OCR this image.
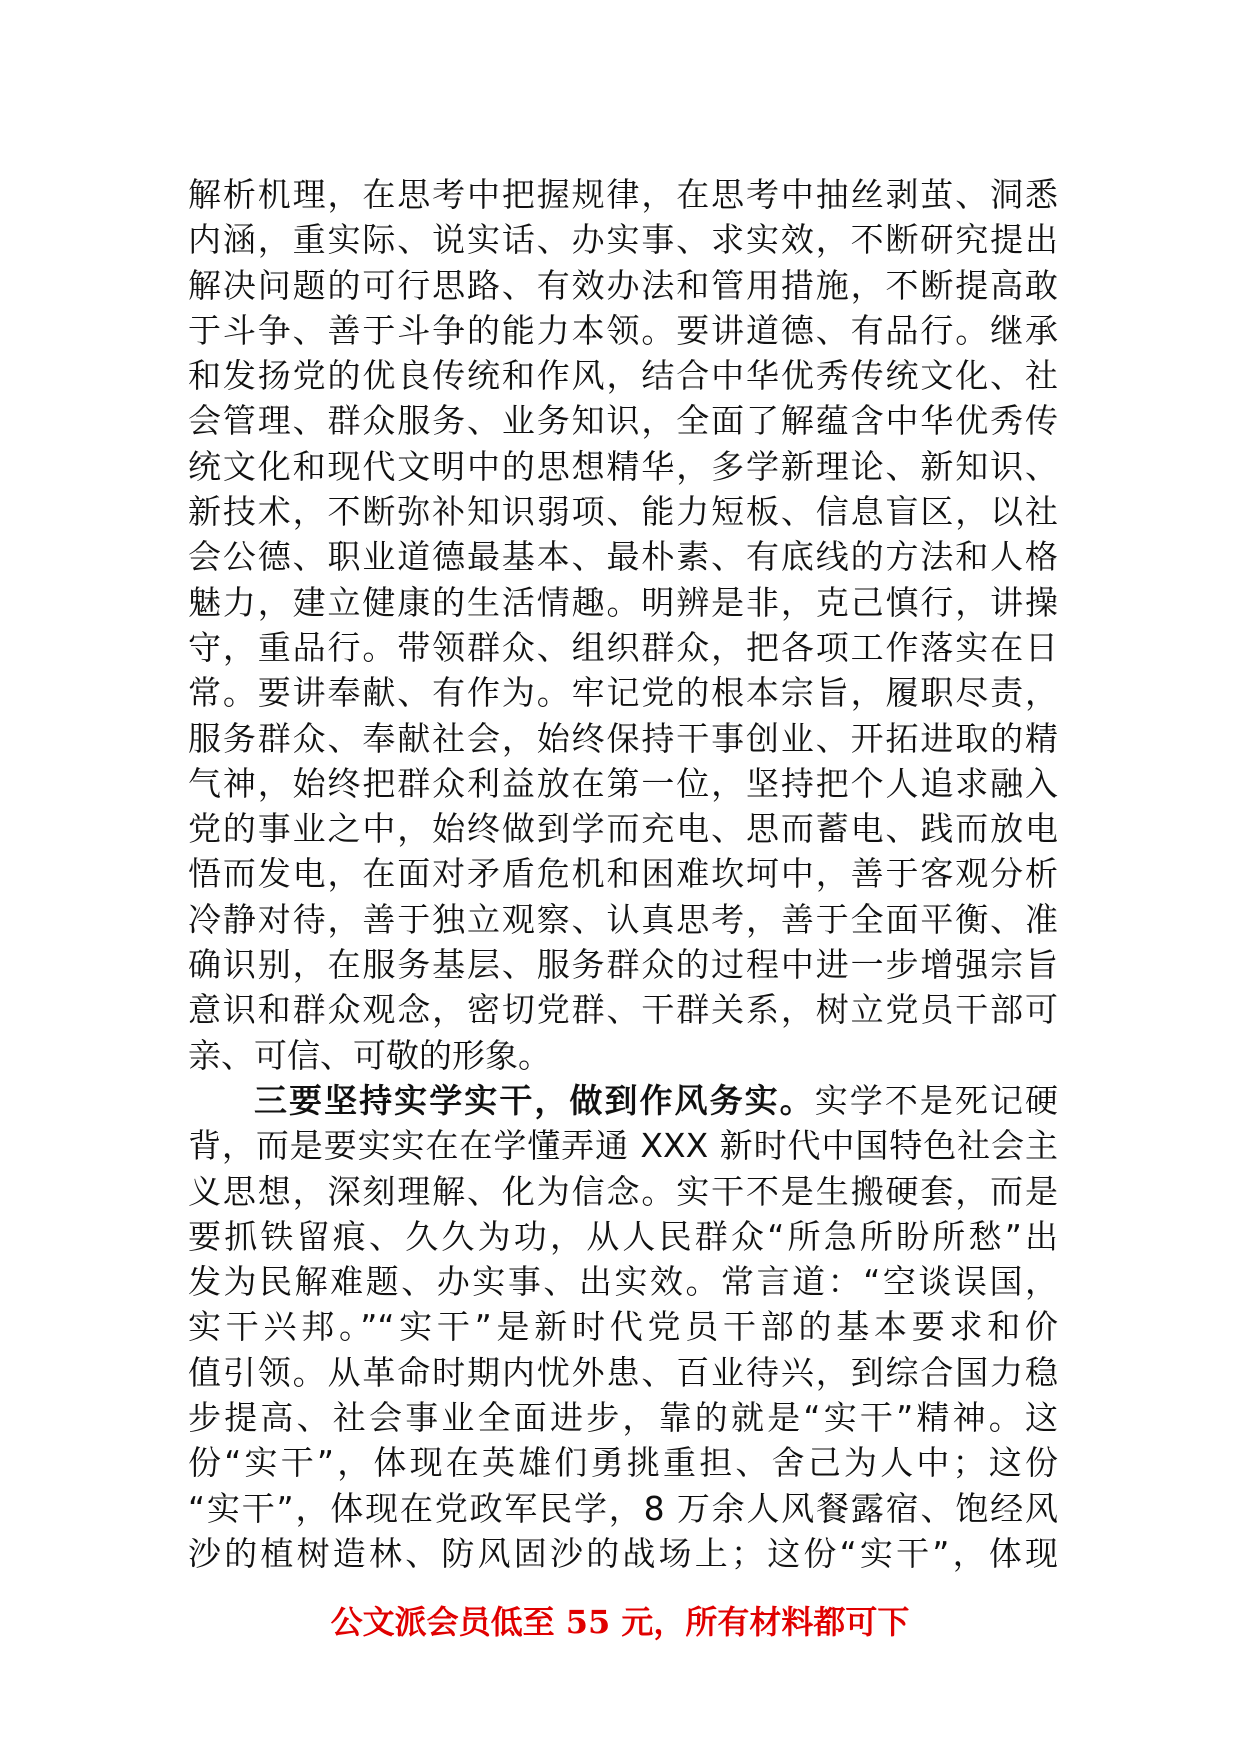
解析机理，在思考中把握规律，在思考中抽丝剥茧、洞悉
内涵，重实际、说实话、办实事、求实效，不断研究提出
解决问题的可行思路、有效办法和管用措施，不断提高敢
于斗争、善于斗争的能力本领。要讲道德、有品行。继承
和发扬党的优良传统和作风，结合中华优秀传统文化、社
会管理、群众服务、业务知识，全面了解蕴含中华优秀传
统文化和现代文明中的思想精华，多学新理论、新知识、
新技术，不断弥补知识弱项、能力短板、信息盲区，以社
会公德、职业道德最基本、最朴素、有底线的方法和人格
魅力，建立健康的生活情趣。明辨是非，克己慎行，讲操
守，重品行。带领群众、组织群众，把各项工作落实在日
常。要讲奉献、有作为。牢记党的根本宗旨，履职尽责，
服务群众、奉献社会，始终保持干事创业、开拓进取的精
气神，始终把群众利益放在第一位，坚持把个人追求融入
党的事业之中，始终做到学而充电、思而蓄电、践而放电
悟而发电，在面对矛盾危机和困难坎坷中，善于客观分析
冷静对待，善于独立观察、认真思考，善于全面平衡、准
确识别，在服务基层、服务群众的过程中进一步增强宗旨
意识和群众观念，密切党群、干群关系，树立党员干部可
亲、可信、可敬的形象。
三要坚持实学实干，做到作风务实。实学不是死记硬
背，而是要实实在在学懂弄通 XXX 新时代中国特色社会主
义思想，深刻理解、化为信念。实干不是生搬硬套，而是
要抓铁留痕、久久为功，从人民群众“所急所盼所愁”出
发为民解难题、办实事、出实效。常言道：“空谈误国，
实干兴邦。”“实干”是新时代党员干部的基本要求和价
值引领。从革命时期内忧外患、百业待兴，到综合国力稳
步提高、社会事业全面进步，靠的就是“实干”精神。这
份“实干”，体现在英雄们勇挑重担、舍己为人中；这份
“实干”，体现在党政军民学，8 万余人风餐露宿、饱经风
沙的植树造林、防风固沙的战场上；这份“实干”，体现
公文派会员低至 55 元，所有材料都可下
